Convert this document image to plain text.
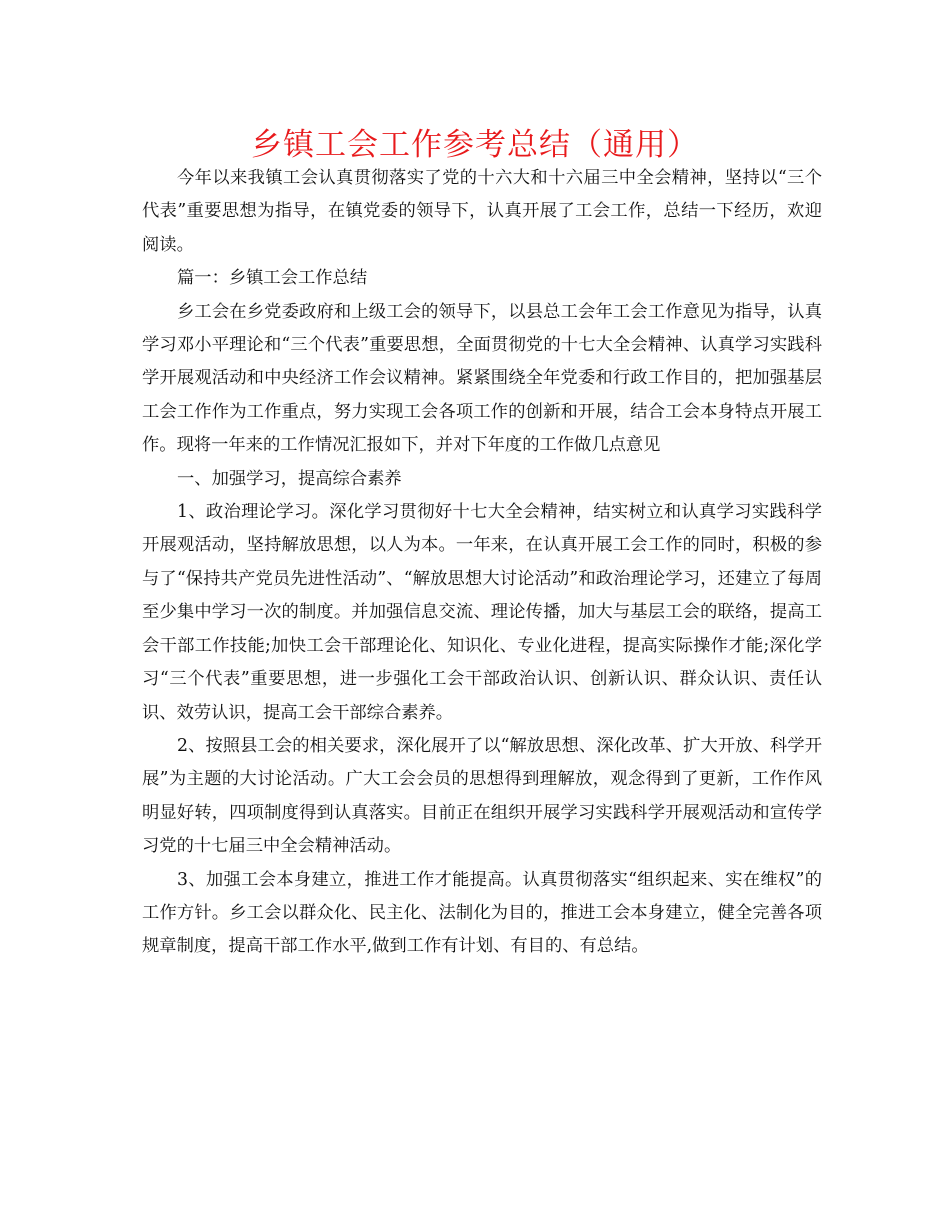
乡镇工会工作参考总结（通用）

今年以来我镇工会认真贯彻落实了党的十六大和十六届三中全会精神，坚持以“三个代表”重要思想为指导，在镇党委的领导下，认真开展了工会工作，总结一下经历，欢迎阅读。

篇一：乡镇工会工作总结

乡工会在乡党委政府和上级工会的领导下，以县总工会年工会工作意见为指导，认真学习邓小平理论和“三个代表”重要思想，全面贯彻党的十七大全会精神、认真学习实践科学开展观活动和中央经济工作会议精神。紧紧围绕全年党委和行政工作目的，把加强基层工会工作作为工作重点，努力实现工会各项工作的创新和开展，结合工会本身特点开展工作。现将一年来的工作情况汇报如下，并对下年度的工作做几点意见

一、加强学习，提高综合素养

1、政治理论学习。深化学习贯彻好十七大全会精神，结实树立和认真学习实践科学开展观活动，坚持解放思想，以人为本。一年来，在认真开展工会工作的同时，积极的参与了“保持共产党员先进性活动”、“解放思想大讨论活动”和政治理论学习，还建立了每周至少集中学习一次的制度。并加强信息交流、理论传播，加大与基层工会的联络，提高工会干部工作技能;加快工会干部理论化、知识化、专业化进程，提高实际操作才能;深化学习“三个代表”重要思想，进一步强化工会干部政治认识、创新认识、群众认识、责任认识、效劳认识，提高工会干部综合素养。

2、按照县工会的相关要求，深化展开了以“解放思想、深化改革、扩大开放、科学开展”为主题的大讨论活动。广大工会会员的思想得到理解放，观念得到了更新，工作作风明显好转，四项制度得到认真落实。目前正在组织开展学习实践科学开展观活动和宣传学习党的十七届三中全会精神活动。

3、加强工会本身建立，推进工作才能提高。认真贯彻落实“组织起来、实在维权”的工作方针。乡工会以群众化、民主化、法制化为目的，推进工会本身建立，健全完善各项规章制度，提高干部工作水平,做到工作有计划、有目的、有总结。
